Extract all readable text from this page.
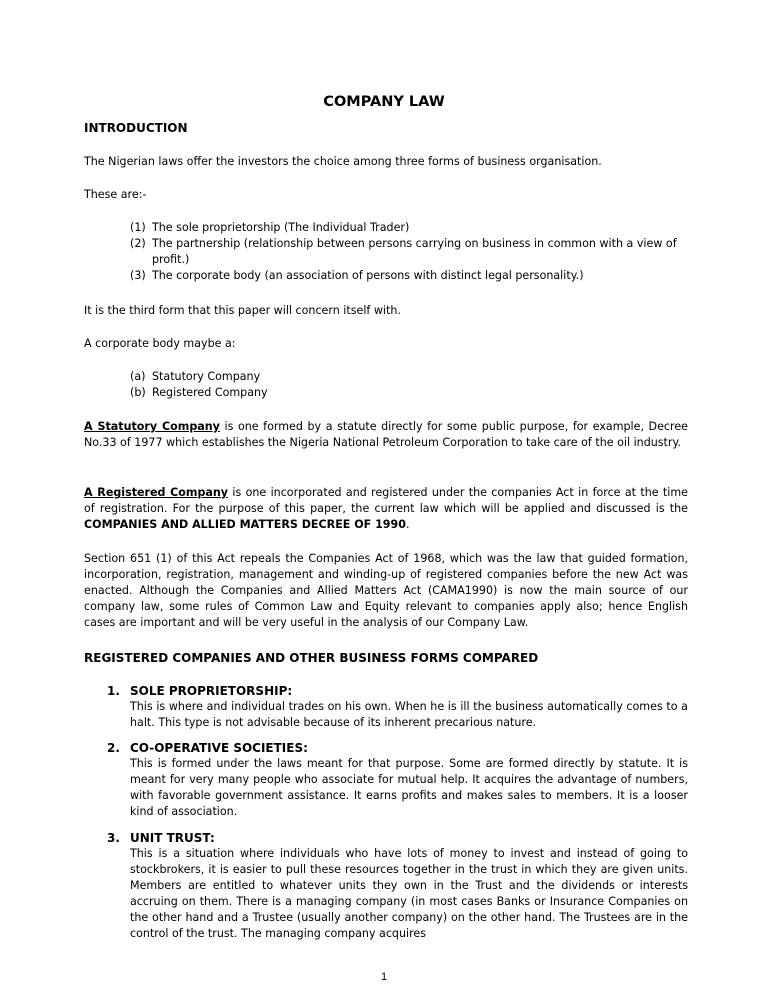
COMPANY LAW
INTRODUCTION

The Nigerian laws offer the investors the choice among three forms of business organisation.

These are:-

(1) The sole proprietorship (The Individual Trader)
(2) The partnership (relationship between persons carrying on business in common with a view of profit.)
(3) The corporate body (an association of persons with distinct legal personality.)

It is the third form that this paper will concern itself with.

A corporate body maybe a:

(a) Statutory Company
(b) Registered Company

A Statutory Company is one formed by a statute directly for some public purpose, for example, Decree No.33 of 1977 which establishes the Nigeria National Petroleum Corporation to take care of the oil industry.

A Registered Company is one incorporated and registered under the companies Act in force at the time of registration. For the purpose of this paper, the current law which will be applied and discussed is the COMPANIES AND ALLIED MATTERS DECREE OF 1990.

Section 651 (1) of this Act repeals the Companies Act of 1968, which was the law that guided formation, incorporation, registration, management and winding-up of registered companies before the new Act was enacted. Although the Companies and Allied Matters Act (CAMA1990) is now the main source of our company law, some rules of Common Law and Equity relevant to companies apply also; hence English cases are important and will be very useful in the analysis of our Company Law.

REGISTERED COMPANIES AND OTHER BUSINESS FORMS COMPARED
1. SOLE PROPRIETORSHIP:
This is where and individual trades on his own. When he is ill the business automatically comes to a halt. This type is not advisable because of its inherent precarious nature.
2. CO-OPERATIVE SOCIETIES:
This is formed under the laws meant for that purpose. Some are formed directly by statute. It is meant for very many people who associate for mutual help. It acquires the advantage of numbers, with favorable government assistance. It earns profits and makes sales to members. It is a looser kind of association.
3. UNIT TRUST:
This is a situation where individuals who have lots of money to invest and instead of going to stockbrokers, it is easier to pull these resources together in the trust in which they are given units. Members are entitled to whatever units they own in the Trust and the dividends or interests accruing on them. There is a managing company (in most cases Banks or Insurance Companies on the other hand and a Trustee (usually another company) on the other hand. The Trustees are in the control of the trust. The managing company acquires
1
